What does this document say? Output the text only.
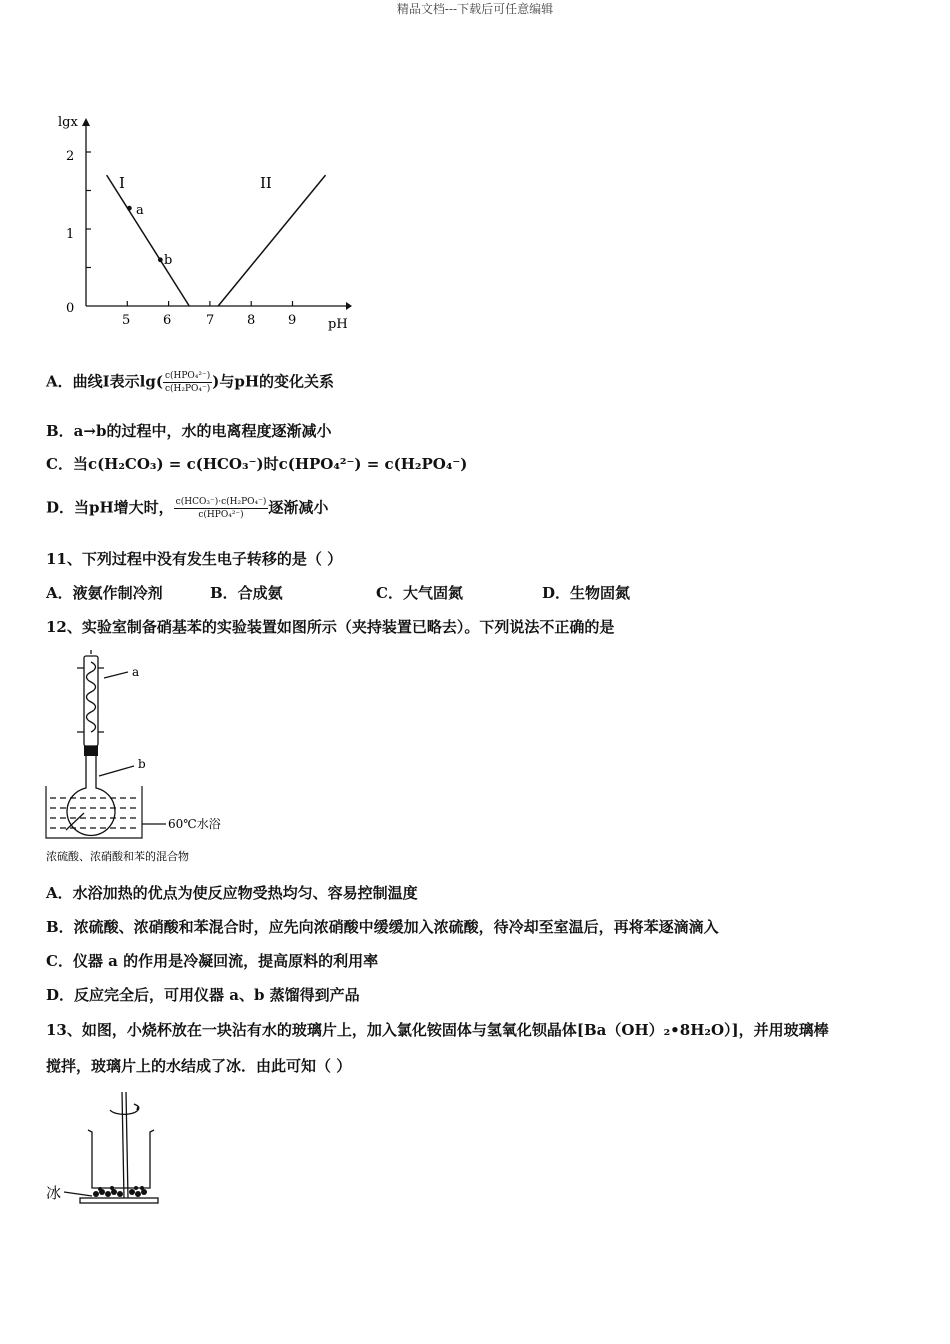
精品文档---下载后可任意编辑
lgx
pH
2
1
0
5	6	7	8	9
I	II
a
b
A．曲线I表示$\lg( \frac{\text{c(HPO₄²⁻)}}{\text{c(H₂PO₄⁻)}}$ )与pH的变化关系
B．a→b的过程中，水的电离程度逐渐减小
C．当c(H₂CO₃) = c(HCO₃⁻)时c(HPO₄²⁻) = c(H₂PO₄⁻)
D．当pH增大时， $\frac{\text{c(HCO₃⁻)·c(H₂PO₄⁻)}}{\text{c(HPO₄²⁻)}}$ 逐渐减小
11、下列过程中没有发生电子转移的是（ ）
A．液氨作制冷剂	B．合成氨	C．大气固氮	D．生物固氮
12、实验室制备硝基苯的实验装置如图所示（夹持装置已略去）。下列说法不正确的是
a
b
60℃水浴
浓硫酸、浓硝酸和苯的混合物
A．水浴加热的优点为使反应物受热均匀、容易控制温度
B．浓硫酸、浓硝酸和苯混合时，应先向浓硝酸中缓缓加入浓硫酸，待冷却至室温后，再将苯逐滴滴入
C．仪器 a 的作用是冷凝回流，提高原料的利用率
D．反应完全后，可用仪器 a、b 蒸馏得到产品
13、如图，小烧杯放在一块沾有水的玻璃片上，加入氯化铵固体与氢氧化钡晶体[Ba（OH）₂•8H₂O）]，并用玻璃棒
搅拌，玻璃片上的水结成了冰．由此可知（ ）
冰
